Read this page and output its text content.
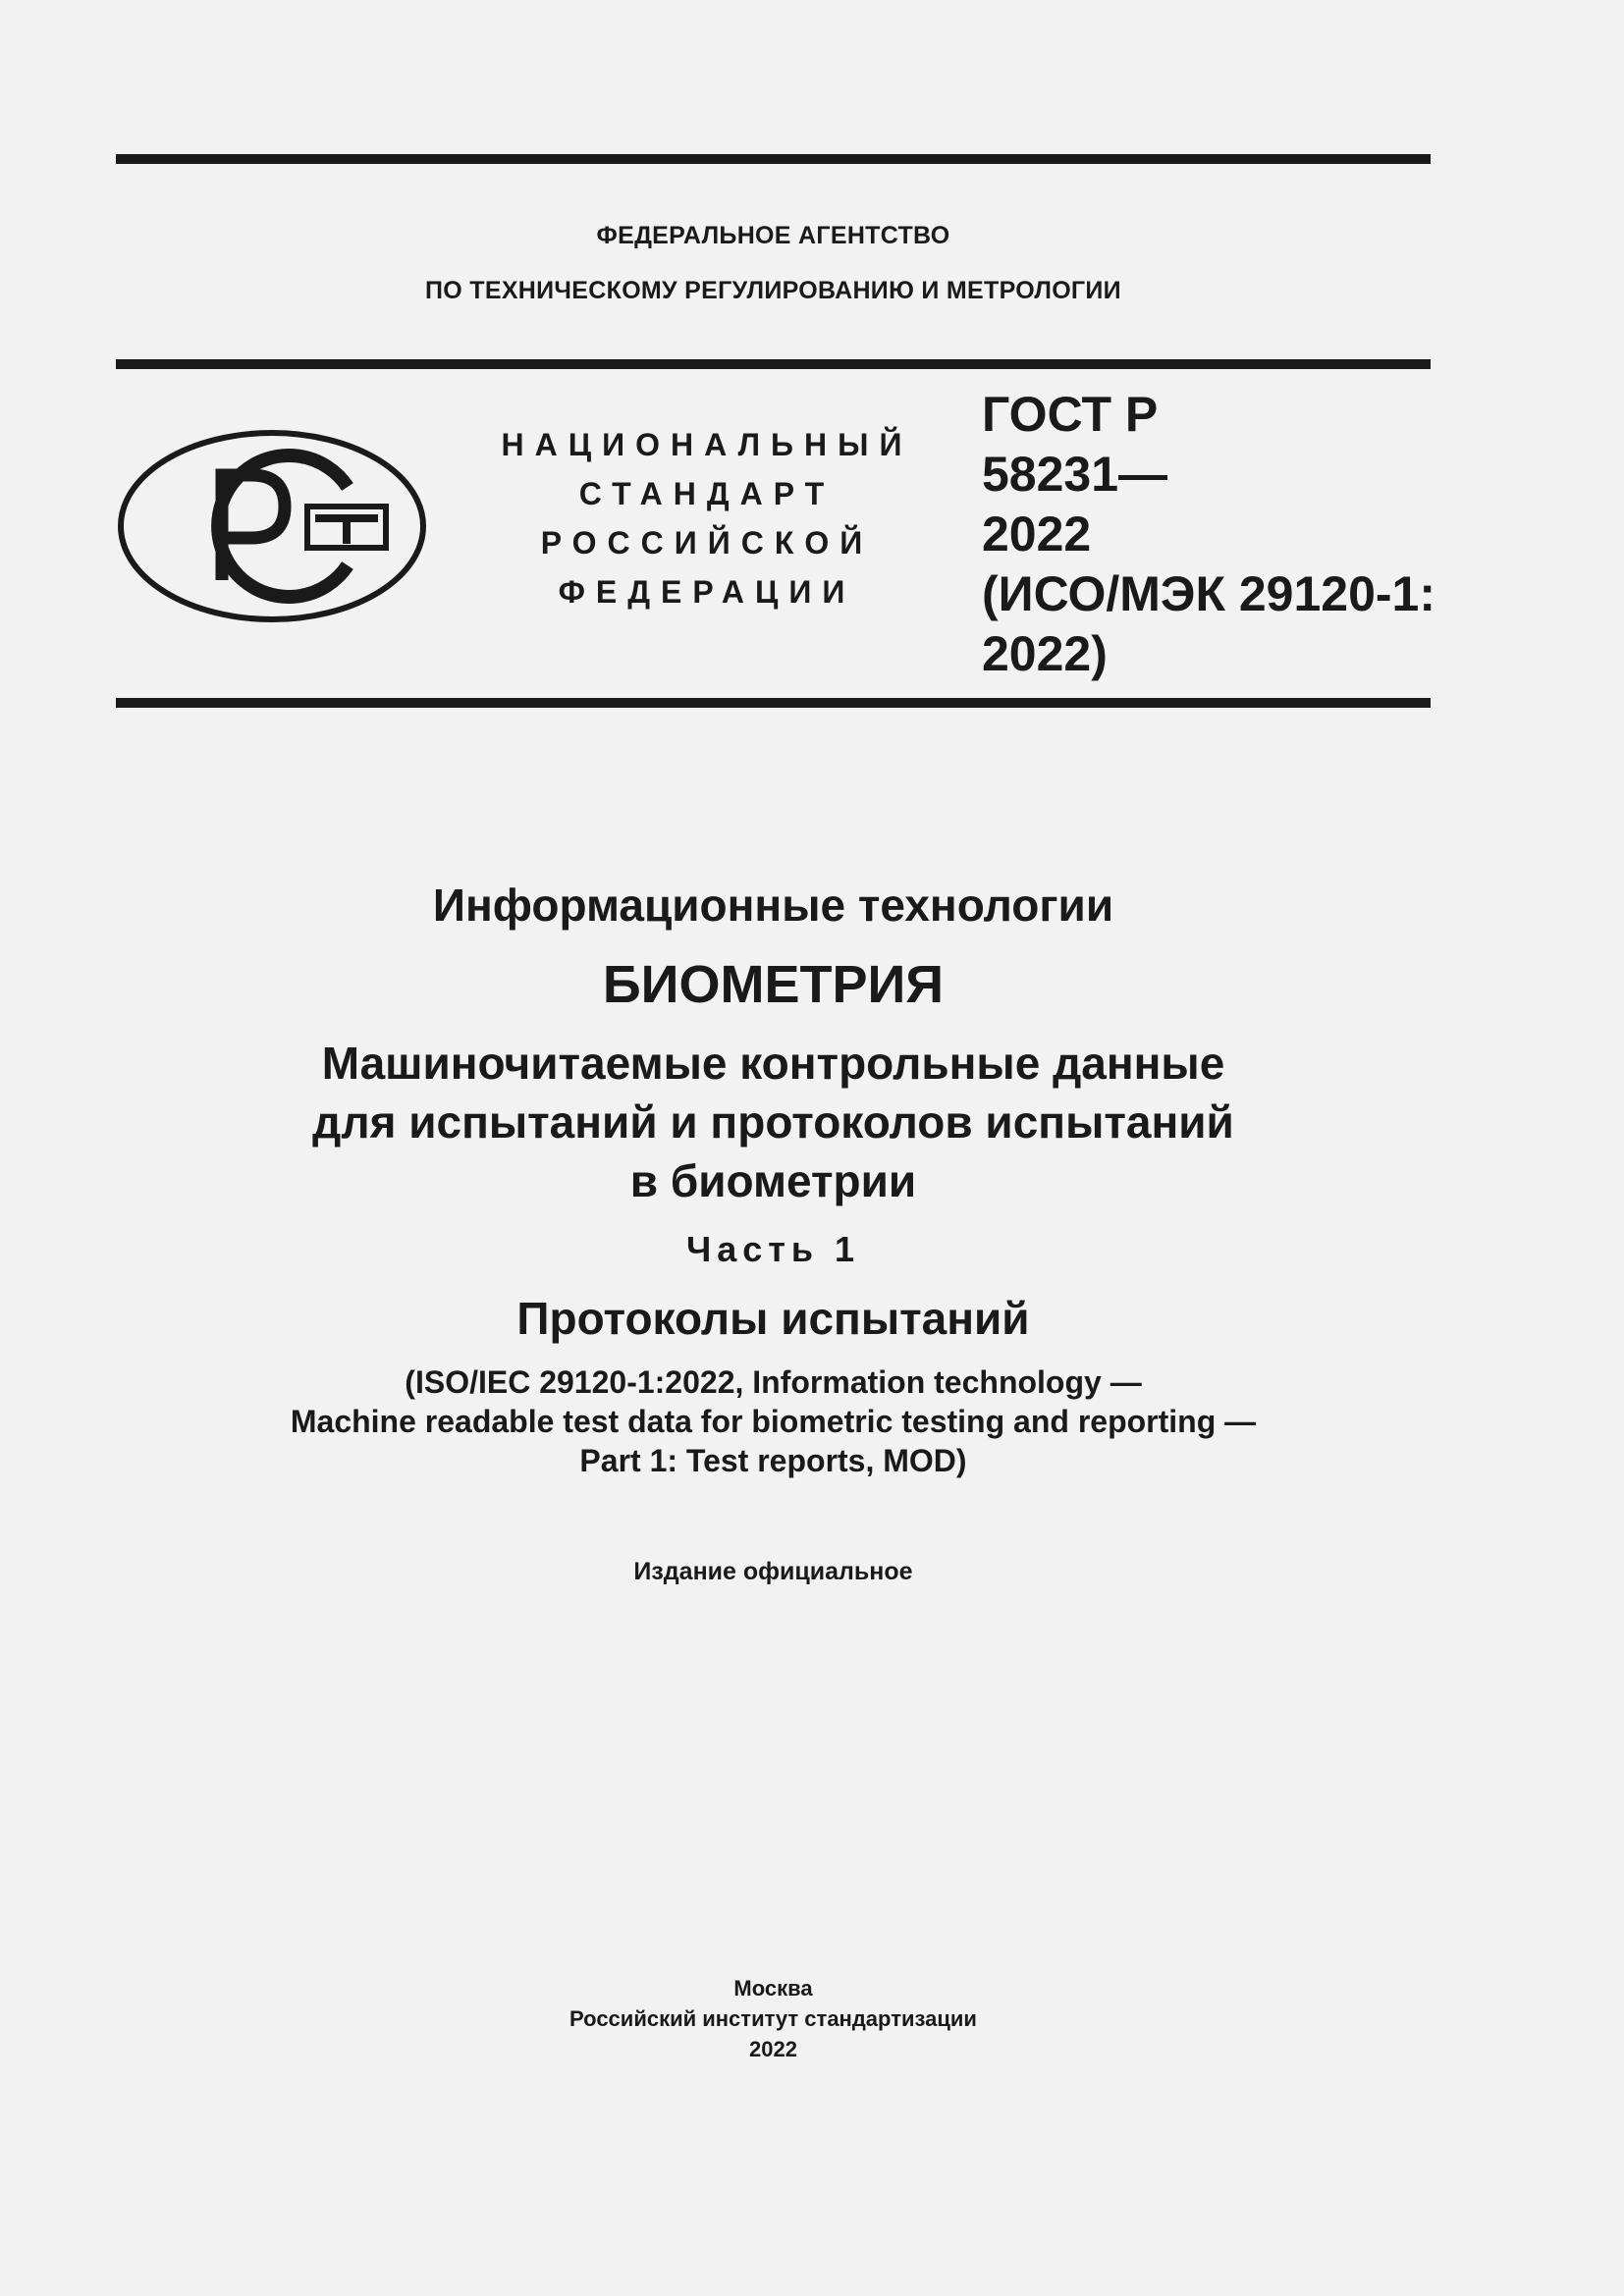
ФЕДЕРАЛЬНОЕ АГЕНТСТВО
ПО ТЕХНИЧЕСКОМУ РЕГУЛИРОВАНИЮ И МЕТРОЛОГИИ
НАЦИОНАЛЬНЫЙ
СТАНДАРТ
РОССИЙСКОЙ
ФЕДЕРАЦИИ
ГОСТ Р
58231—
2022
(ИСО/МЭК 29120-1:
2022)
Информационные технологии
БИОМЕТРИЯ
Машиночитаемые контрольные данные
для испытаний и протоколов испытаний
в биометрии
Часть 1
Протоколы испытаний
(ISO/IEC 29120-1:2022, Information technology —
Machine readable test data for biometric testing and reporting —
Part 1: Test reports, MOD)
Издание официальное
Москва
Российский институт стандартизации
2022
